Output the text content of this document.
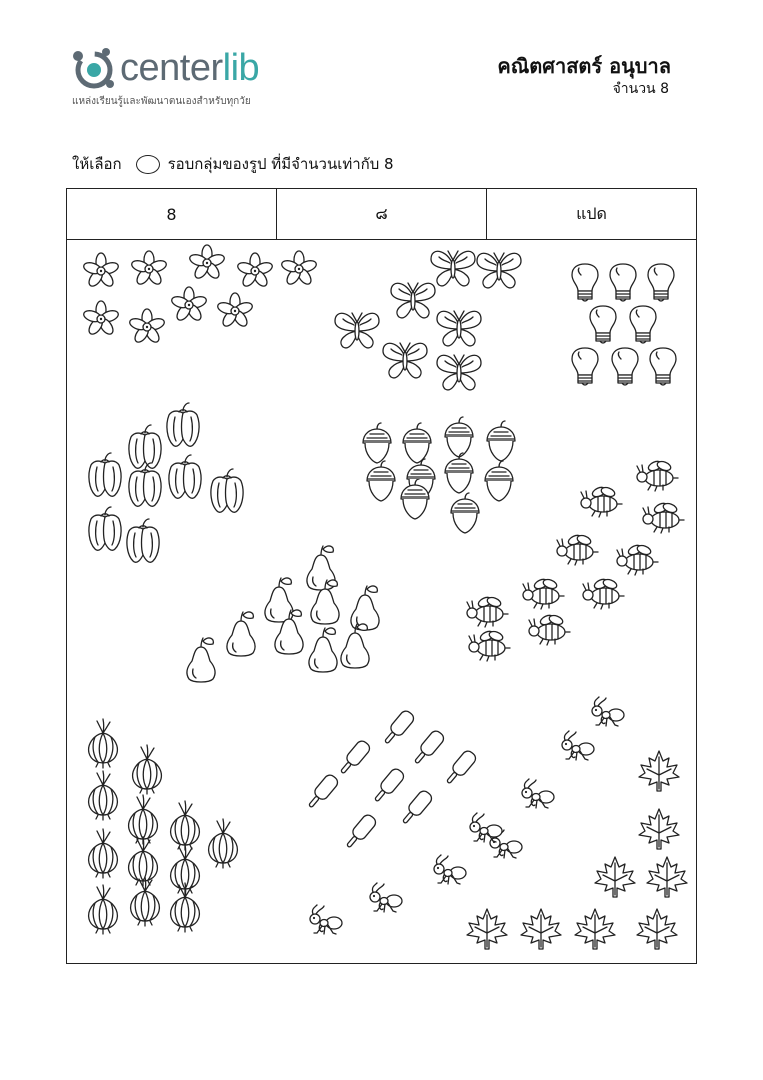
centerlib
แหล่งเรียนรู้และพัฒนาตนเองสำหรับทุกวัย
คณิตศาสตร์ อนุบาล
จำนวน 8
ให้เลือก	รอบกลุ่มของรูป ที่มีจำนวนเท่ากับ 8
8	๘	แปด
